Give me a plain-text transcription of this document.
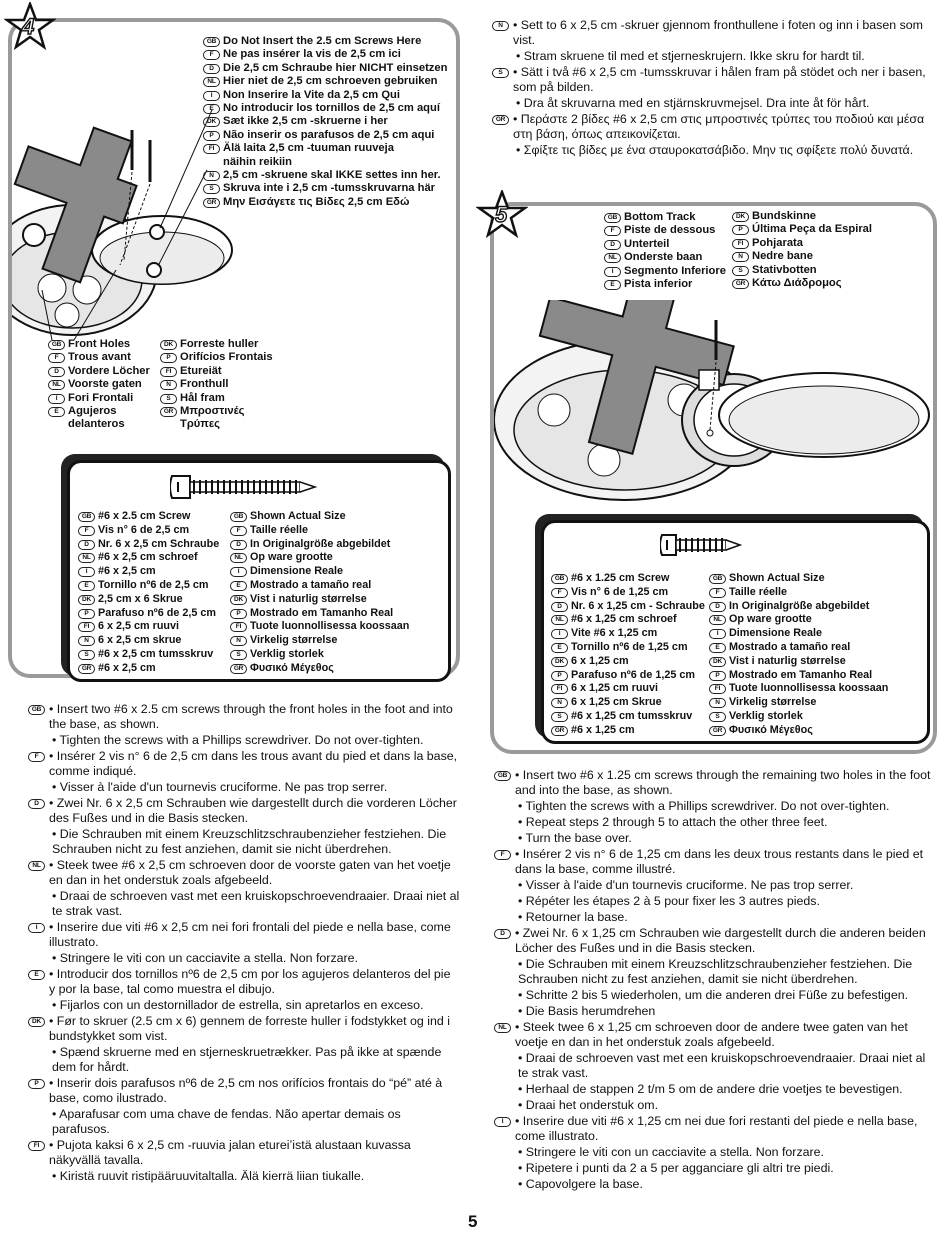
4
GB Do Not Insert the 2.5 cm Screws Here
F Ne pas insérer la vis de 2,5 cm ici
D Die 2,5 cm Schraube hier NICHT einsetzen
NL Hier niet de 2,5 cm schroeven gebruiken
I Non Inserire la Vite da 2,5 cm Qui
E No introducir los tornillos de 2,5 cm aquí
DK Sæt ikke 2,5 cm -skruerne i her
P Não inserir os parafusos de 2,5 cm aqui
FI Älä laita 2,5 cm -tuuman ruuveja
näihin reikiin
N 2,5 cm -skruene skal IKKE settes inn her.
S Skruva inte i 2,5 cm -tumsskruvarna här
GR Μην Εισάγετε τις Βίδες 2,5 cm Εδώ
GB Front Holes
F Trous avant
D Vordere Löcher
NL Voorste gaten
I Fori Frontali
E Agujeros
delanteros
DK Forreste huller
P Orifícios Frontais
FI Etureiät
N Fronthull
S Hål fram
GR Μπροστινές
Τρύπες
GB #6 x 2.5 cm Screw
F Vis n° 6 de 2,5 cm
D Nr. 6 x 2,5 cm Schraube
NL #6 x 2,5 cm schroef
I #6 x 2,5 cm
E Tornillo nº6 de 2,5 cm
DK 2,5 cm x 6 Skrue
P Parafuso nº6 de 2,5 cm
FI 6 x 2,5 cm ruuvi
N 6 x 2,5 cm skrue
S #6 x 2,5 cm tumsskruv
GR #6 x 2,5 cm
GB Shown Actual Size
F Taille réelle
D In Originalgröße abgebildet
NL Op ware grootte
I Dimensione Reale
E Mostrado a tamaño real
DK Vist i naturlig størrelse
P Mostrado em Tamanho Real
FI Tuote luonnollisessa koossaan
N Virkelig størrelse
S Verklig storlek
GR Φυσικό Μέγεθος
N • Sett to 6 x 2,5 cm -skruer gjennom fronthullene i foten og inn i basen som vist.
• Stram skruene til med et stjerneskrujern. Ikke skru for hardt til.
S • Sätt i två #6 x 2,5 cm -tumsskruvar i hålen fram på stödet och ner i basen, som på bilden.
• Dra åt skruvarna med en stjärnskruvmejsel. Dra inte åt för hårt.
GR • Περάστε 2 βίδες #6 x 2,5 cm στις μπροστινές τρύπες του ποδιού και μέσα στη βάση, όπως απεικονίζεται.
• Σφίξτε τις βίδες με ένα σταυροκατσάβιδο. Μην τις σφίξετε πολύ δυνατά.
5	GB Bottom Track
F Piste de dessous
D Unterteil
NL Onderste baan
I Segmento Inferiore
E Pista inferior
DK Bundskinne
P Última Peça da Espiral
FI Pohjarata
N Nedre bane
S Stativbotten
GR Κάτω Διάδρομος
GB #6 x 1.25 cm Screw
F Vis n° 6 de 1,25 cm
D Nr. 6 x 1,25 cm - Schraube
NL #6 x 1,25 cm schroef
I Vite #6 x 1,25 cm
E Tornillo nº6 de 1,25 cm
DK 6 x 1,25 cm
P Parafuso nº6 de 1,25 cm
FI 6 x 1,25 cm ruuvi
N 6 x 1,25 cm Skrue
S #6 x 1,25 cm tumsskruv
GR #6 x 1,25 cm
GB Shown Actual Size
F Taille réelle
D In Originalgröße abgebildet
NL Op ware grootte
I Dimensione Reale
E Mostrado a tamaño real
DK Vist i naturlig størrelse
P Mostrado em Tamanho Real
FI Tuote luonnollisessa koossaan
N Virkelig størrelse
S Verklig storlek
GR Φυσικό Μέγεθος
GB • Insert two #6 x 2.5 cm screws through the front holes in the foot and into the base, as shown.
• Tighten the screws with a Phillips screwdriver. Do not over-tighten.
F • Insérer 2 vis n° 6 de 2,5 cm dans les trous avant du pied et dans la base, comme indiqué.
• Visser à l'aide d'un tournevis cruciforme. Ne pas trop serrer.
D • Zwei Nr. 6 x 2,5 cm Schrauben wie dargestellt durch die vorderen Löcher des Fußes und in die Basis stecken.
• Die Schrauben mit einem Kreuzschlitzschraubenzieher festziehen. Die Schrauben nicht zu fest anziehen, damit sie nicht überdrehen.
NL • Steek twee #6 x 2,5 cm schroeven door de voorste gaten van het voetje en dan in het onderstuk zoals afgebeeld.
• Draai de schroeven vast met een kruiskopschroevendraaier. Draai niet al te strak vast.
I • Inserire due viti #6 x 2,5 cm nei fori frontali del piede e nella base, come illustrato.
• Stringere le viti con un cacciavite a stella. Non forzare.
E • Introducir dos tornillos nº6 de 2,5 cm por los agujeros delanteros del pie y por la base, tal como muestra el dibujo.
• Fijarlos con un destornillador de estrella, sin apretarlos en exceso.
DK • Før to skruer (2.5 cm x 6) gennem de forreste huller i fodstykket og ind i bundstykket som vist.
• Spænd skruerne med en stjerneskruetrækker. Pas på ikke at spænde dem for hårdt.
P • Inserir dois parafusos nº6 de 2,5 cm nos orifícios frontais do “pé” até à base, como ilustrado.
• Aparafusar com uma chave de fendas. Não apertar demais os parafusos.
FI • Pujota kaksi 6 x 2,5 cm -ruuvia jalan etureiʼistä alustaan kuvassa näkyvällä tavalla.
• Kiristä ruuvit ristipääruuvitaltalla. Älä kierrä liian tiukalle.
GB • Insert two #6 x 1.25 cm screws through the remaining two holes in the foot and into the base, as shown.
• Tighten the screws with a Phillips screwdriver. Do not over-tighten.
• Repeat steps 2 through 5 to attach the other three feet.
• Turn the base over.
F • Insérer 2 vis n° 6 de 1,25 cm dans les deux trous restants dans le pied et dans la base, comme illustré.
• Visser à l'aide d'un tournevis cruciforme. Ne pas trop serrer.
• Répéter les étapes 2 à 5 pour fixer les 3 autres pieds.
• Retourner la base.
D • Zwei Nr. 6 x 1,25 cm Schrauben wie dargestellt durch die anderen beiden Löcher des Fußes und in die Basis stecken.
• Die Schrauben mit einem Kreuzschlitzschraubenzieher festziehen. Die Schrauben nicht zu fest anziehen, damit sie nicht überdrehen.
• Schritte 2 bis 5 wiederholen, um die anderen drei Füße zu befestigen.
• Die Basis herumdrehen
NL • Steek twee 6 x 1,25 cm schroeven door de andere twee gaten van het voetje en dan in het onderstuk zoals afgebeeld.
• Draai de schroeven vast met een kruiskopschroevendraaier. Draai niet al te strak vast.
• Herhaal de stappen 2 t/m 5 om de andere drie voetjes te bevestigen.
• Draai het onderstuk om.
I • Inserire due viti #6 x 1,25 cm nei due fori restanti del piede e nella base, come illustrato.
• Stringere le viti con un cacciavite a stella. Non forzare.
• Ripetere i punti da 2 a 5 per agganciare gli altri tre piedi.
• Capovolgere la base.
5
